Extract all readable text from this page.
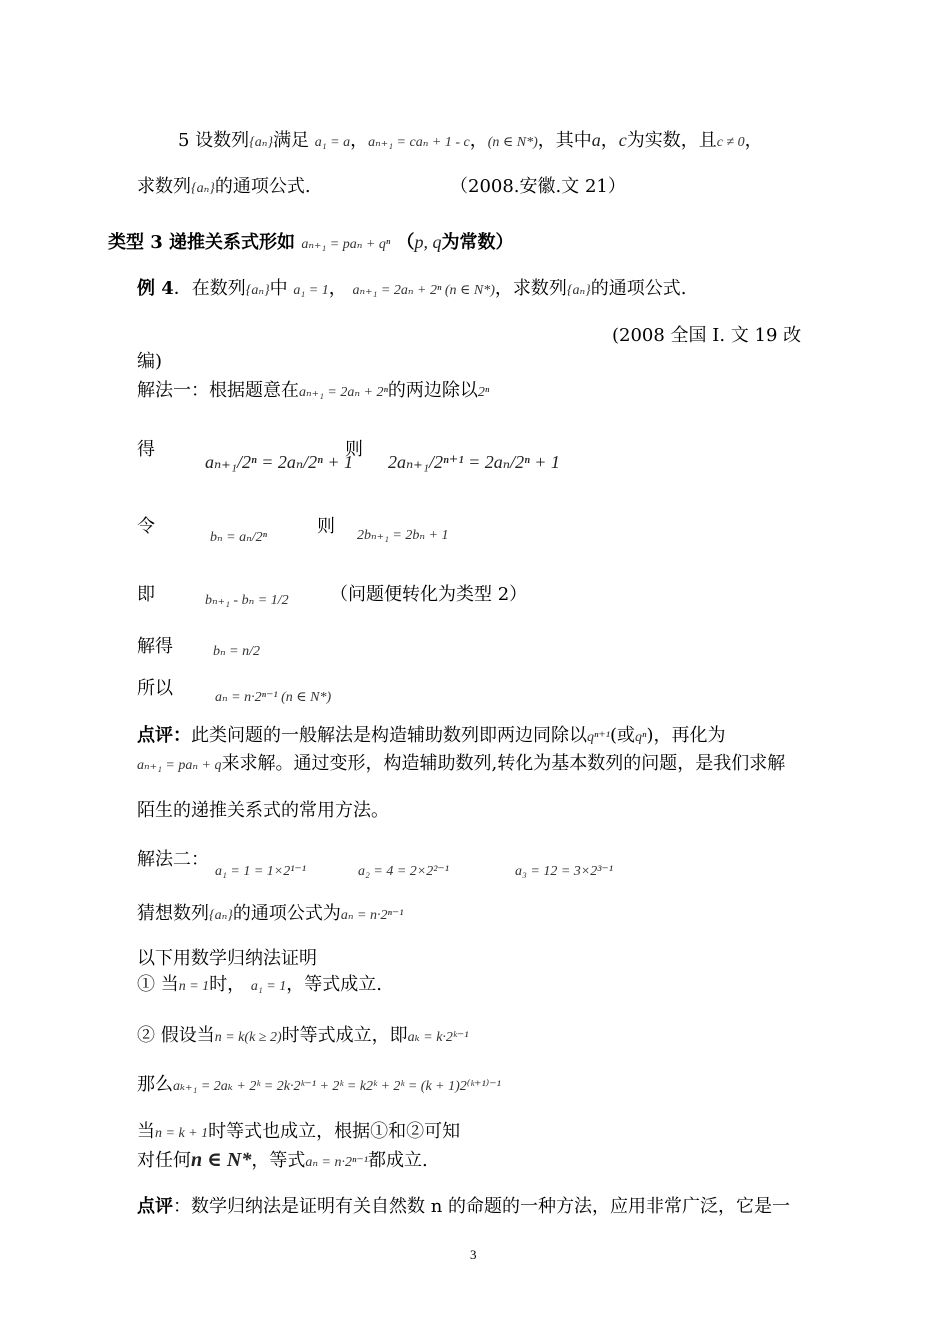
5 设数列{aₙ}满足 a₁ = a，aₙ₊₁ = caₙ + 1 - c，(n ∈ N*)，其中a，c为实数，且c ≠ 0，
求数列{aₙ}的通项公式.	（2008.安徽.文 21）
类型 3 递推关系式形如 aₙ₊₁ = paₙ + qⁿ （p, q为常数）
例 4．在数列{aₙ}中 a₁ = 1， aₙ₊₁ = 2aₙ + 2ⁿ (n ∈ N*)，求数列{aₙ}的通项公式.
(2008 全国 Ⅰ. 文 19 改
编)
解法一：根据题意在aₙ₊₁ = 2aₙ + 2ⁿ的两边除以2ⁿ
得
aₙ₊₁/2ⁿ = 2aₙ/2ⁿ + 1
则
2aₙ₊₁/2ⁿ⁺¹ = 2aₙ/2ⁿ + 1
令
bₙ = aₙ/2ⁿ
则 2bₙ₊₁ = 2bₙ + 1
即	bₙ₊₁ - bₙ = 1/2 （问题便转化为类型 2）
解得	bₙ = n/2
所以	aₙ = n·2ⁿ⁻¹ (n ∈ N*)
点评：此类问题的一般解法是构造辅助数列即两边同除以qⁿ⁺¹(或qⁿ)，再化为
aₙ₊₁ = paₙ + q来求解。通过变形，构造辅助数列,转化为基本数列的问题，是我们求解
陌生的递推关系式的常用方法。
解法二：
a₁ = 1 = 1×2¹⁻¹	a₂ = 4 = 2×2²⁻¹	a₃ = 12 = 3×2³⁻¹
猜想数列{aₙ}的通项公式为aₙ = n·2ⁿ⁻¹
以下用数学归纳法证明
① 当n = 1时， a₁ = 1，等式成立.
② 假设当n = k(k ≥ 2)时等式成立，即aₖ = k·2ᵏ⁻¹
那么aₖ₊₁ = 2aₖ + 2ᵏ = 2k·2ᵏ⁻¹ + 2ᵏ = k2ᵏ + 2ᵏ = (k + 1)2⁽ᵏ⁺¹⁾⁻¹
当n = k + 1时等式也成立，根据①和②可知
对任何n ∈ N*，等式aₙ = n·2ⁿ⁻¹都成立.
点评：数学归纳法是证明有关自然数 n 的命题的一种方法，应用非常广泛，它是一
3
